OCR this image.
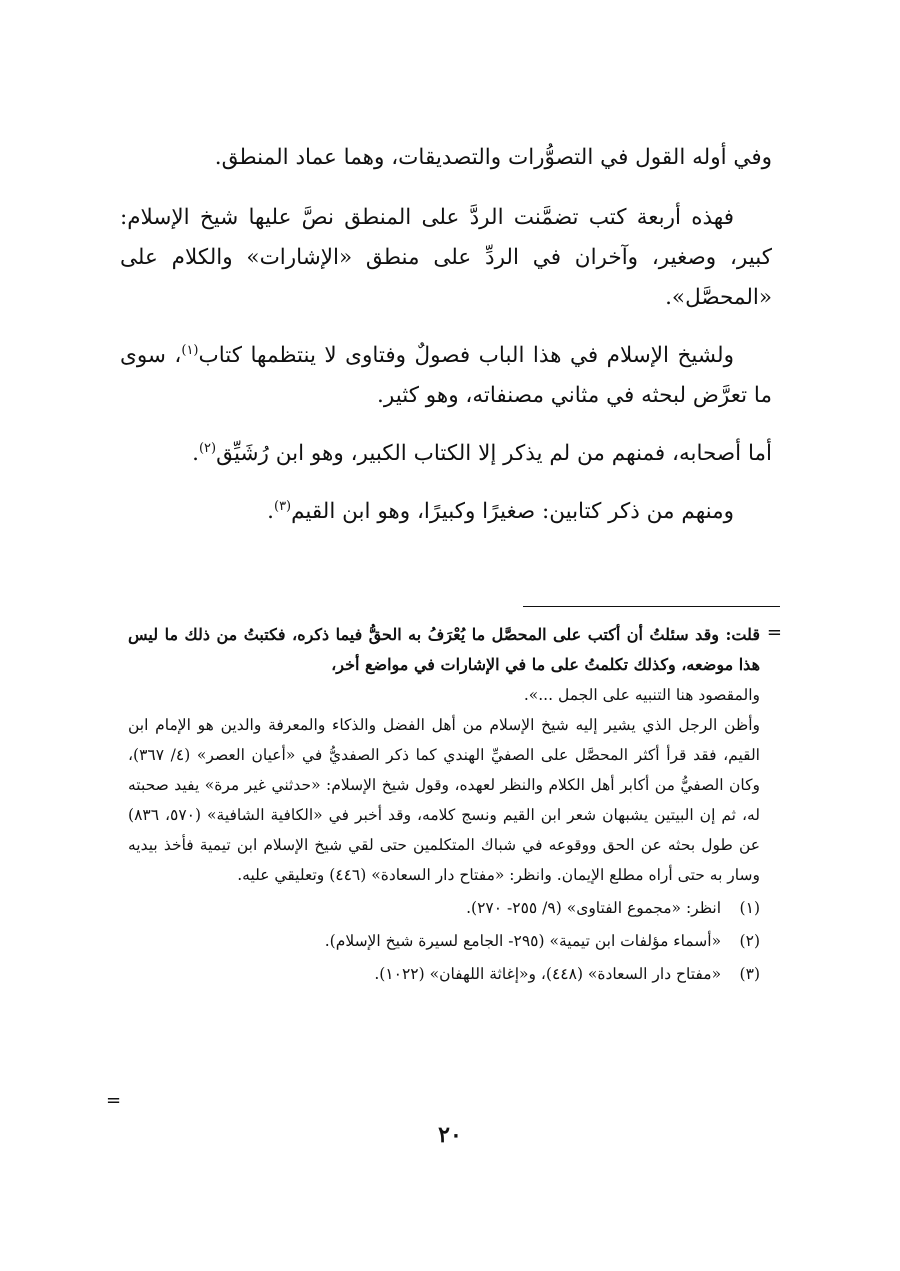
وفي أوله القول في التصوُّرات والتصديقات، وهما عماد المنطق.

فهذه أربعة كتب تضمَّنت الردَّ على المنطق نصَّ عليها شيخ الإسلام: كبير، وصغير، وآخران في الردِّ على منطق «الإشارات» والكلام على «المحصَّل».

ولشيخ الإسلام في هذا الباب فصولٌ وفتاوى لا ينتظمها كتاب$^{(١)}$، سوى ما تعرَّض لبحثه في مثاني مصنفاته، وهو كثير.

أما أصحابه، فمنهم من لم يذكر إلا الكتاب الكبير، وهو ابن رُشَيِّق$^{(٢)}$.

ومنهم من ذكر كتابين: صغيرًا وكبيرًا، وهو ابن القيم$^{(٣)}$.

=

قلت: وقد سئلتُ أن أكتب على المحصَّل ما يُعْرَفُ به الحقُّ فيما ذكره، فكتبتُ من ذلك ما ليس هذا موضعه، وكذلك تكلمتُ على ما في الإشارات في مواضع أخر،

والمقصود هنا التنبيه على الجمل ...».

وأظن الرجل الذي يشير إليه شيخ الإسلام من أهل الفضل والذكاء والمعرفة والدين هو الإمام ابن القيم، فقد قرأ أكثر المحصَّل على الصفيِّ الهندي كما ذكر الصفديُّ في «أعيان العصر» (٤/ ٣٦٧)، وكان الصفيُّ من أكابر أهل الكلام والنظر لعهده، وقول شيخ الإسلام: «حدثني غير مرة» يفيد صحبته له، ثم إن البيتين يشبهان شعر ابن القيم ونسج كلامه، وقد أخبر في «الكافية الشافية» (٥٧٠، ٨٣٦) عن طول بحثه عن الحق ووقوعه في شباك المتكلمين حتى لقي شيخ الإسلام ابن تيمية فأخذ بيديه وسار به حتى أراه مطلع الإيمان. وانظر: «مفتاح دار السعادة» (٤٤٦) وتعليقي عليه.

(١) انظر: «مجموع الفتاوى» (٩/ ٢٥٥- ٢٧٠).
(٢) «أسماء مؤلفات ابن تيمية» (٢٩٥- الجامع لسيرة شيخ الإسلام).
(٣) «مفتاح دار السعادة» (٤٤٨)، و«إغاثة اللهفان» (١٠٢٢).
=
٢٠
